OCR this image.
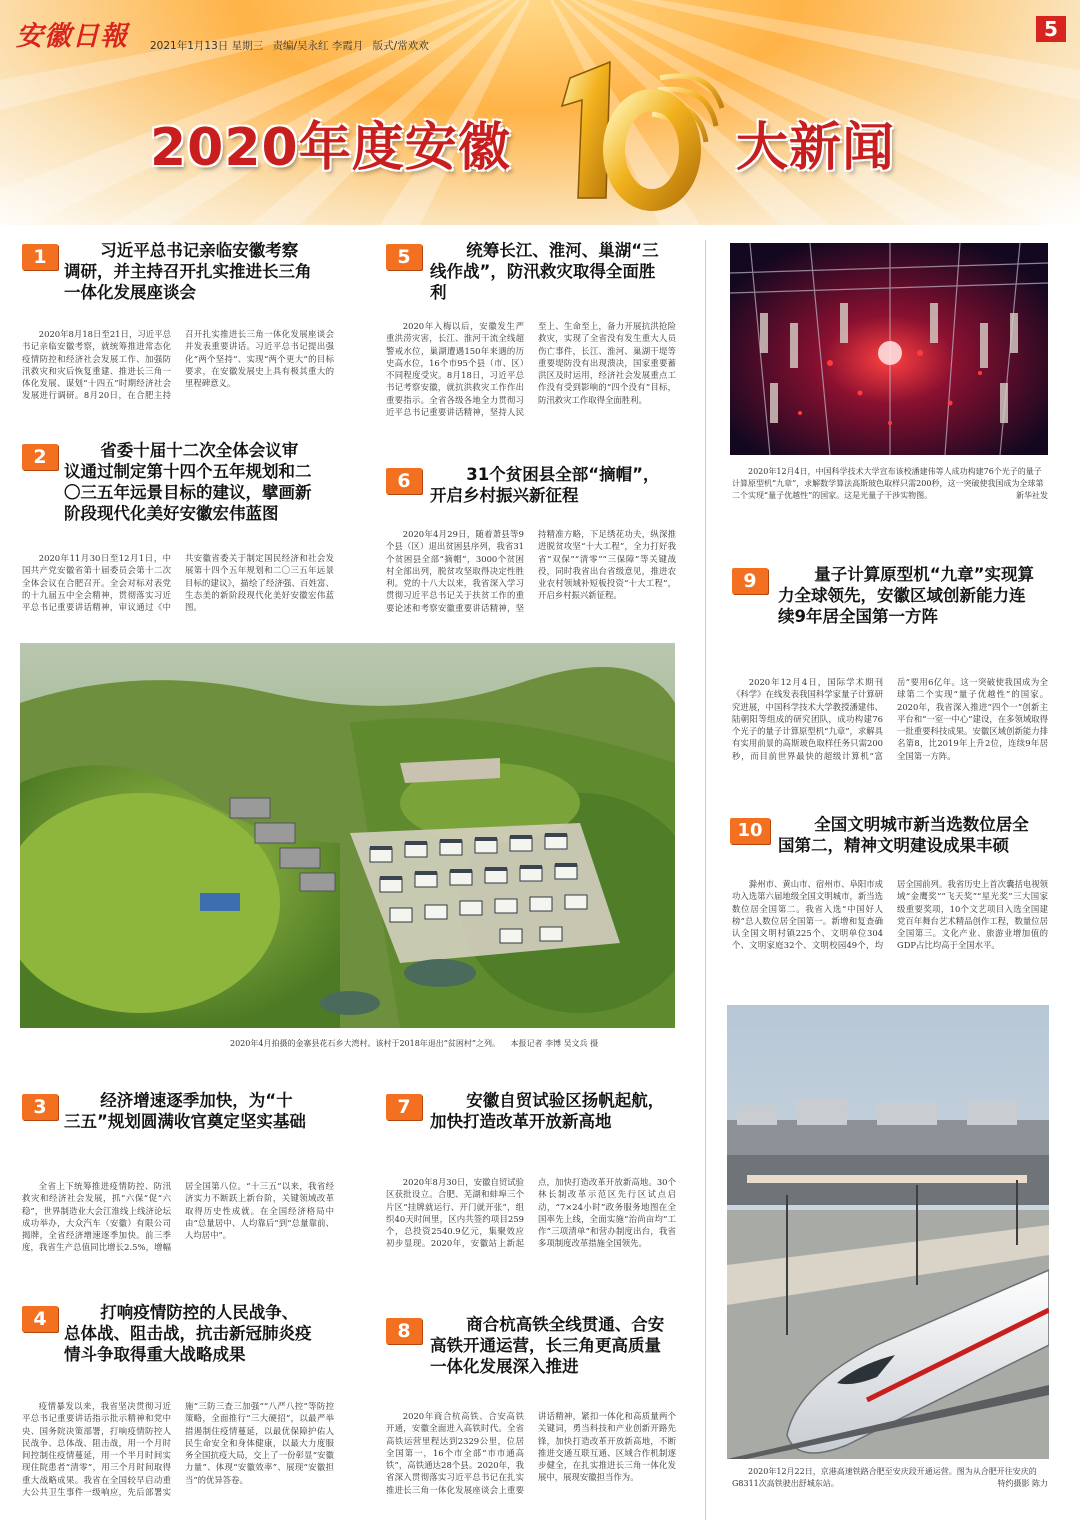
安徽日報 2021年1月13日 星期三 责编/吴永红 李霞月 版式/常欢欢
5
2020年度安徽	大新闻
1	习近平总书记亲临安徽考察调研，并主持召开扎实推进长三角一体化发展座谈会
2020年8月18日至21日，习近平总书记亲临安徽考察，就统筹推进常态化疫情防控和经济社会发展工作、加强防汛救灾和灾后恢复重建、推进长三角一体化发展、谋划“十四五”时期经济社会发展进行调研。8月20日，在合肥主持召开扎实推进长三角一体化发展座谈会并发表重要讲话。习近平总书记提出强化“两个坚持”、实现“两个更大”的目标要求，在安徽发展史上具有极其重大的里程碑意义。
2	省委十届十二次全体会议审议通过制定第十四个五年规划和二〇三五年远景目标的建议，擘画新阶段现代化美好安徽宏伟蓝图
2020年11月30日至12月1日，中国共产党安徽省第十届委员会第十二次全体会议在合肥召开。全会对标对表党的十九届五中全会精神，贯彻落实习近平总书记重要讲话精神，审议通过《中共安徽省委关于制定国民经济和社会发展第十四个五年规划和二〇三五年远景目标的建议》，描绘了经济强、百姓富、生态美的新阶段现代化美好安徽宏伟蓝图。
5	统筹长江、淮河、巢湖“三线作战”，防汛救灾取得全面胜利
2020年入梅以后，安徽发生严重洪涝灾害，长江、淮河干流全线超警戒水位，巢湖遭遇150年来遇的历史高水位，16个市95个县（市、区）不同程度受灾。8月18日，习近平总书记考察安徽，就抗洪救灾工作作出重要指示。全省各级各地全力贯彻习近平总书记重要讲话精神，坚持人民至上、生命至上，备力开展抗洪抢险救灾，实现了全省没有发生重大人员伤亡事件，长江、淮河、巢湖干堤等重要堤防没有出现溃决，国家重要蓄洪区及时运用，经济社会发展重点工作没有受到影响的“四个没有”目标，防汛救灾工作取得全面胜利。
6	31个贫困县全部“摘帽”，开启乡村振兴新征程
2020年4月29日，随着萧县等9个县（区）退出贫困县序列，我省31个贫困县全部“摘帽”，3000个贫困村全部出列，脱贫攻坚取得决定性胜利。党的十八大以来，我省深入学习贯彻习近平总书记关于扶贫工作的重要论述和考察安徽重要讲话精神，坚持精准方略，下足绣花功夫，纵深推进脱贫攻坚“十大工程”，全力打好我省“双保”“清零”“三保障”等关键战役，同时我省出台省级意见，推进农业农村领域补短板投资“十大工程”，开启乡村振兴新征程。
2020年4月拍摄的金寨县花石乡大湾村。该村于2018年退出“贫困村”之列。 本报记者 李博 吴文兵 摄
3	经济增速逐季加快，为“十三五”规划圆满收官奠定坚实基础
全省上下统筹推进疫情防控、防汛救灾和经济社会发展，抓“六保”促“六稳”，世界制造业大会江淮线上线济论坛成功举办，大众汽车（安徽）有限公司揭牌，全省经济增速逐季加快。前三季度，我省生产总值同比增长2.5%，增幅居全国第八位。“十三五”以来，我省经济实力不断跃上新台阶，关键领域改革取得历史性成就。在全国经济格局中由“总量居中、人均靠后”到“总量靠前、人均居中”。
4	打响疫情防控的人民战争、总体战、阻击战，抗击新冠肺炎疫情斗争取得重大战略成果
疫情暴发以来，我省坚决贯彻习近平总书记重要讲话指示批示精神和党中央、国务院决策部署，打响疫情防控人民战争、总体战、阻击战，用一个月时间控制住疫情蔓延，用一个半月时间实现住院患者“清零”，用三个月时间取得重大战略成果。我省在全国较早启动重大公共卫生事件一级响应，先后部署实施“三防三查三加强”“八严八控”等防控策略，全面推行“三大硬招”，以最严举措遏制住疫情蔓延，以最优保障护佑人民生命安全和身体健康，以最大力度服务全国抗疫大局，交上了一份彰显“安徽力量”、体现“安徽效率”、展现“安徽担当”的优异答卷。
7	安徽自贸试验区扬帆起航，加快打造改革开放新高地
2020年8月30日，安徽自贸试验区获批设立。合肥、芜湖和蚌埠三个片区“挂牌就运行、开门就开张”，组织40天时间里，区内共签约项目259个，总投资2540.9亿元，集聚效应初步显现。2020年，安徽站上新起点，加快打造改革开放新高地。30个林长制改革示范区先行区试点启动，“7×24小时”政务服务地图在全国率先上线，全面实施“治尚亩均”工作“三项清单”和营办制度出台，我省多项制度改革措施全国领先。
8	商合杭高铁全线贯通、合安高铁开通运营，长三角更高质量一体化发展深入推进
2020年商合杭高铁、合安高铁开通，安徽全面进入高铁时代。全省高铁运营里程达到2329公里，位居全国第一，16个市全部“市市通高铁”，高铁通达28个县。2020年，我省深入贯彻落实习近平总书记在扎实推进长三角一体化发展座谈会上重要讲话精神，紧扣一体化和高质量两个关键词，勇当科技和产业创新开路先锋，加快打造改革开放新高地，不断推进交通互联互通、区域合作机制逐步健全，在扎实推进长三角一体化发展中，展现安徽担当作为。
2020年12月4日，中国科学技术大学宣布该校潘建伟等人成功构建76个光子的量子计算原型机“九章”，求解数学算法高斯玻色取样只需200秒，这一突破使我国成为全球第二个实现“量子优越性”的国家。这是光量子干涉实物图。	新华社发
9	量子计算原型机“九章”实现算力全球领先，安徽区域创新能力连续9年居全国第一方阵
2020年12月4日，国际学术期刊《科学》在线发表我国科学家量子计算研究进展，中国科学技术大学教授潘建伟、陆朝阳等组成的研究团队，成功构建76个光子的量子计算原型机“九章”，求解具有实用前景的高斯玻色取样任务只需200秒，而目前世界最快的超级计算机“富岳”要用6亿年。这一突破使我国成为全球第二个实现“量子优越性”的国家。2020年，我省深入推进“四个一”创新主平台和“一室一中心”建设，在多领域取得一批重要科技成果。安徽区域创新能力排名第8，比2019年上升2位，连续9年居全国第一方阵。
10	全国文明城市新当选数位居全国第二，精神文明建设成果丰硕
滁州市、黄山市、宿州市、阜阳市成功入选第六届地级全国文明城市，新当选数位居全国第二。我省入选“中国好人榜”总人数位居全国第一。新增和复查确认全国文明村镇225个、文明单位304个、文明家庭32个、文明校园49个，均居全国前列。我省历史上首次囊括电视领域“金鹰奖”“飞天奖”“星光奖”三大国家级重要奖项，10个文艺项目入选全国建党百年舞台艺术精品创作工程，数量位居全国第三。文化产业、旅游业增加值的GDP占比均高于全国水平。
2020年12月22日，京港高速铁路合肥至安庆段开通运营。图为从合肥开往安庆的G8311次高铁驶出舒城东站。	特约摄影 陈力
